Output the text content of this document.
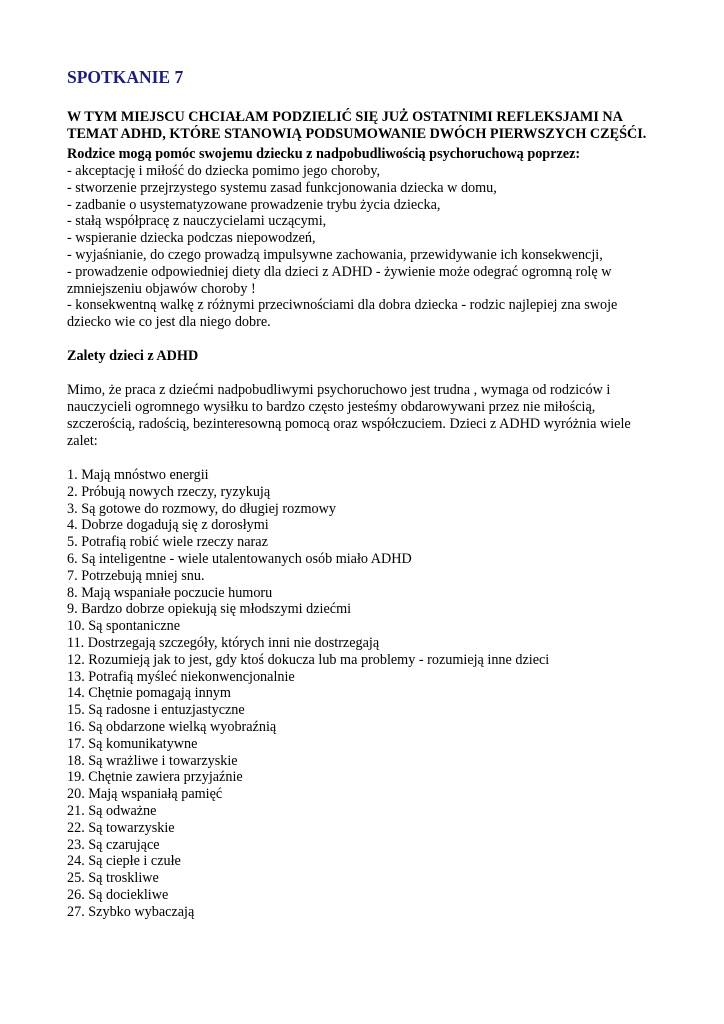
SPOTKANIE 7

W TYM MIEJSCU CHCIAŁAM PODZIELIĆ SIĘ JUŻ OSTATNIMI REFLEKSJAMI NA TEMAT ADHD, KTÓRE STANOWIĄ PODSUMOWANIE DWÓCH PIERWSZYCH CZĘŚĆI.

Rodzice mogą pomóc swojemu dziecku z nadpobudliwością psychoruchową poprzez:

- akceptację i miłość do dziecka pomimo jego choroby,
- stworzenie przejrzystego systemu zasad funkcjonowania dziecka w domu,
- zadbanie o usystematyzowane prowadzenie trybu życia dziecka,
- stałą współpracę z nauczycielami uczącymi,
- wspieranie dziecka podczas niepowodzeń,
- wyjaśnianie, do czego prowadzą impulsywne zachowania, przewidywanie ich konsekwencji,
- prowadzenie odpowiedniej diety dla dzieci z ADHD - żywienie może odegrać ogromną rolę w zmniejszeniu objawów choroby !
- konsekwentną walkę z różnymi przeciwnościami dla dobra dziecka - rodzic najlepiej zna swoje dziecko wie co jest dla niego dobre.
Zalety dzieci z ADHD

Mimo, że praca z dziećmi nadpobudliwymi psychoruchowo jest trudna , wymaga od rodziców i nauczycieli ogromnego wysiłku to bardzo często jesteśmy obdarowywani przez nie miłością, szczerością, radością, bezinteresowną pomocą oraz współczuciem. Dzieci z ADHD wyróżnia wiele zalet:

1. Mają mnóstwo energii
2. Próbują nowych rzeczy, ryzykują
3. Są gotowe do rozmowy, do długiej rozmowy
4. Dobrze dogadują się z dorosłymi
5. Potrafią robić wiele rzeczy naraz
6. Są inteligentne - wiele utalentowanych osób miało ADHD
7. Potrzebują mniej snu.
8. Mają wspaniałe poczucie humoru
9. Bardzo dobrze opiekują się młodszymi dziećmi
10. Są spontaniczne
11. Dostrzegają szczegóły, których inni nie dostrzegają
12. Rozumieją jak to jest, gdy ktoś dokucza lub ma problemy - rozumieją inne dzieci
13. Potrafią myśleć niekonwencjonalnie
14. Chętnie pomagają innym
15. Są radosne i entuzjastyczne
16. Są obdarzone wielką wyobraźnią
17. Są komunikatywne
18. Są wrażliwe i towarzyskie
19. Chętnie zawiera przyjaźnie
20. Mają wspaniałą pamięć
21. Są odważne
22. Są towarzyskie
23. Są czarujące
24. Są ciepłe i czułe
25. Są troskliwe
26. Są dociekliwe
27. Szybko wybaczają
